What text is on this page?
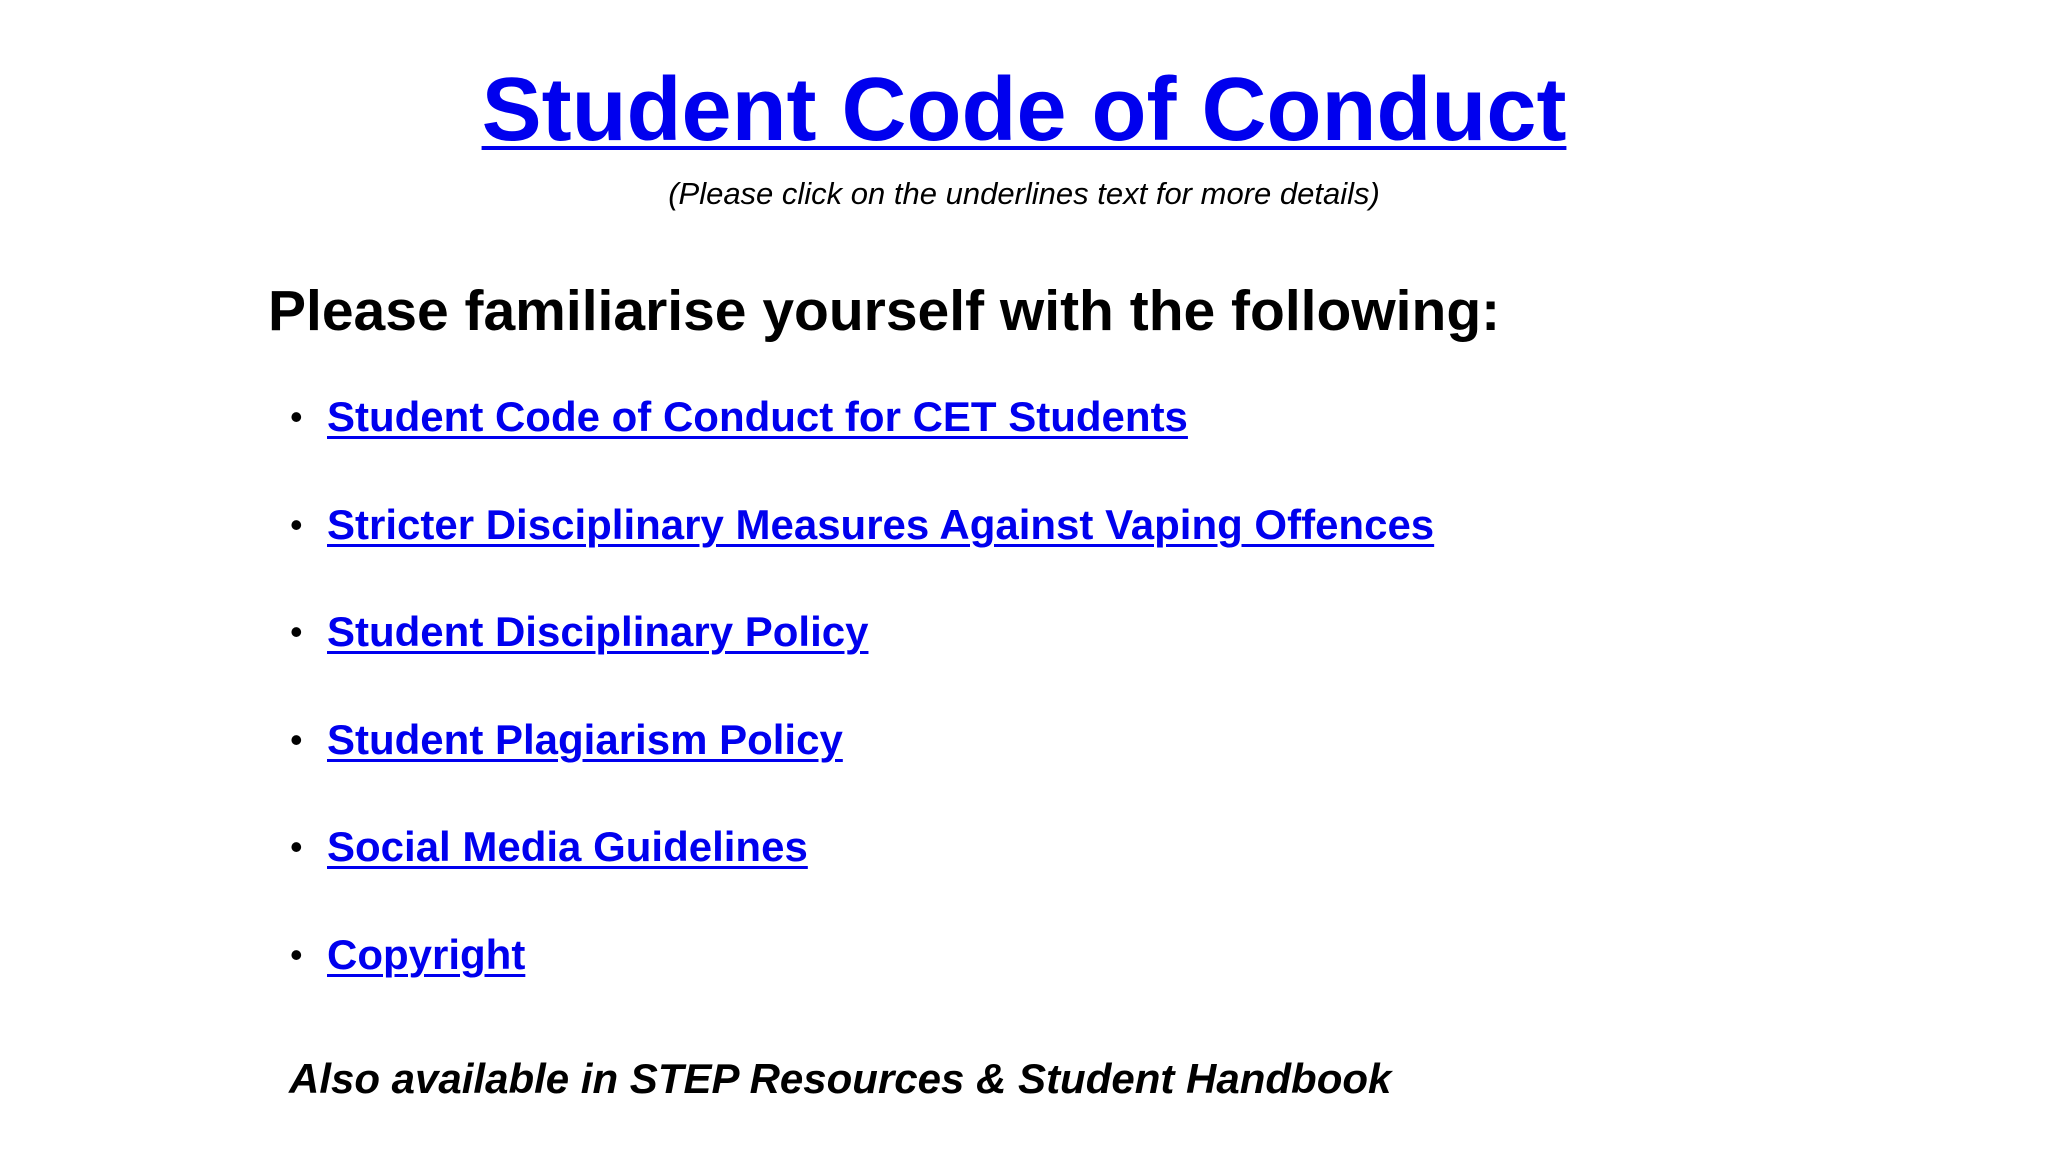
Student Code of Conduct

(Please click on the underlines text for more details)

Please familiarise yourself with the following:
• Student Code of Conduct for CET Students
• Stricter Disciplinary Measures Against Vaping Offences
• Student Disciplinary Policy
• Student Plagiarism Policy
• Social Media Guidelines
• Copyright

Also available in STEP Resources & Student Handbook
